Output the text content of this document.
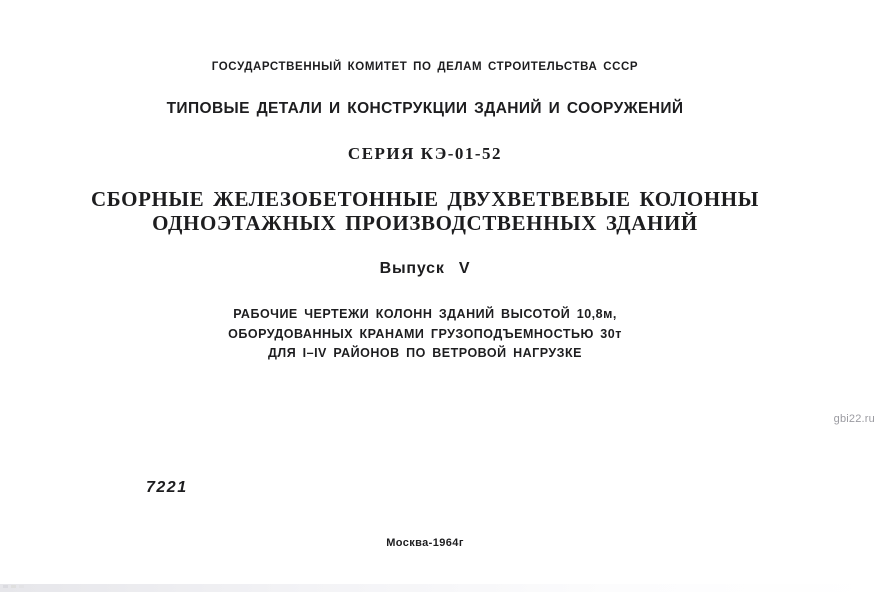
ГОСУДАРСТВЕННЫЙ КОМИТЕТ ПО ДЕЛАМ СТРОИТЕЛЬСТВА СССР
ТИПОВЫЕ ДЕТАЛИ И КОНСТРУКЦИИ ЗДАНИЙ И СООРУЖЕНИЙ
СЕРИЯ КЭ-01-52
СБОРНЫЕ ЖЕЛЕЗОБЕТОННЫЕ ДВУХВЕТВЕВЫЕ КОЛОННЫ
ОДНОЭТАЖНЫХ ПРОИЗВОДСТВЕННЫХ ЗДАНИЙ
Выпуск V
РАБОЧИЕ ЧЕРТЕЖИ КОЛОНН ЗДАНИЙ ВЫСОТОЙ 10,8м,
ОБОРУДОВАННЫХ КРАНАМИ ГРУЗОПОДЪЕМНОСТЬЮ 30т
ДЛЯ I–IV РАЙОНОВ ПО ВЕТРОВОЙ НАГРУЗКЕ
7221
Москва-1964г
gbi22.ru
